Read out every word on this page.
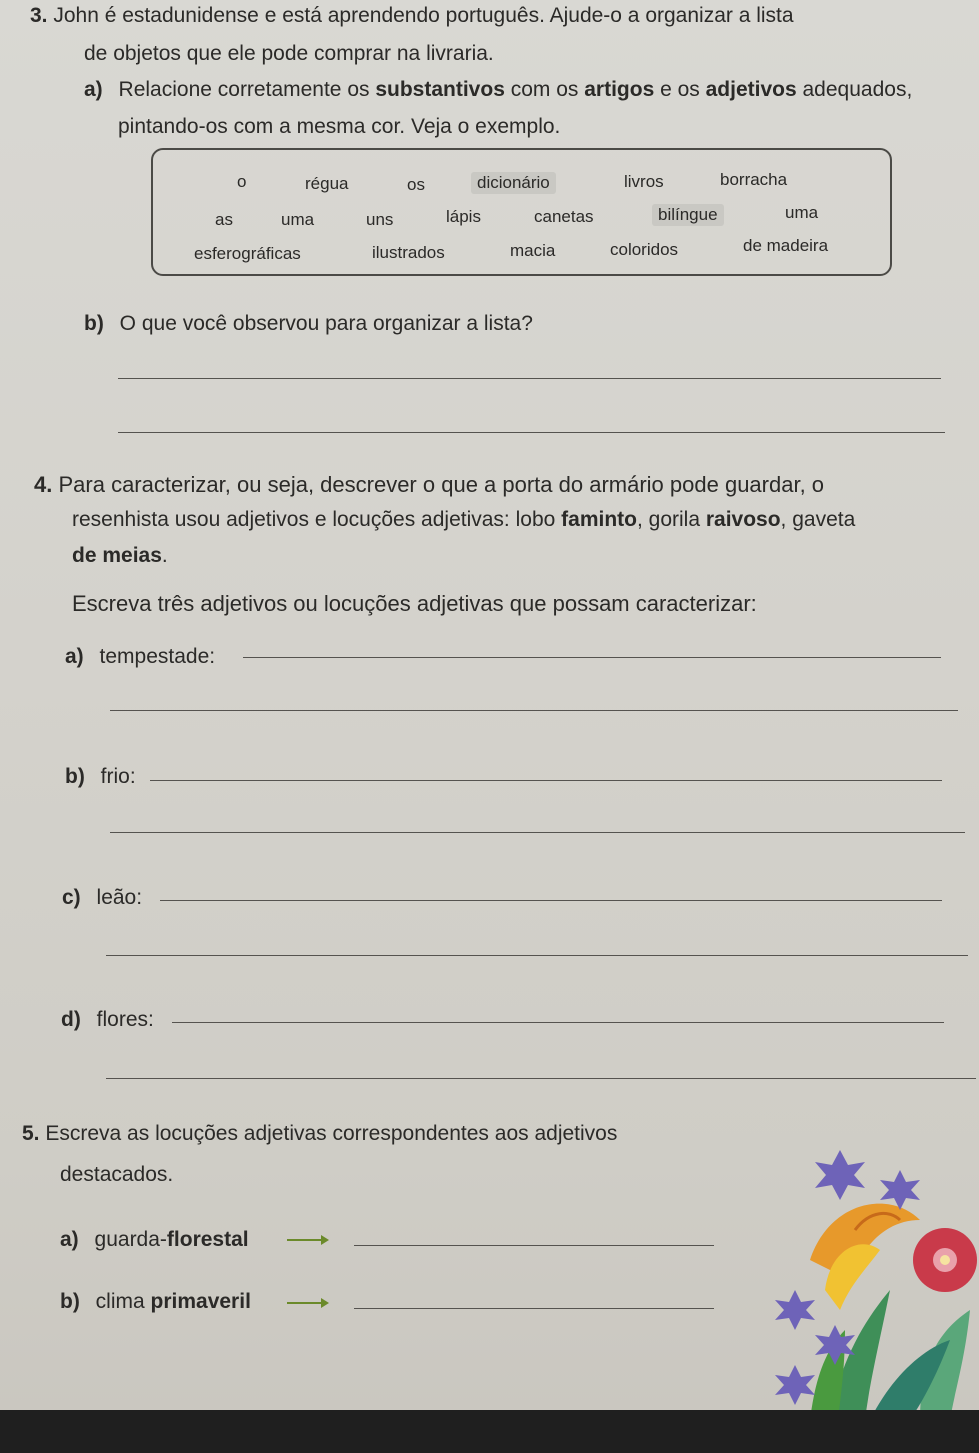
3. John é estadunidense e está aprendendo português. Ajude-o a organizar a lista
de objetos que ele pode comprar na livraria.
a) Relacione corretamente os substantivos com os artigos e os adjetivos adequados,
pintando-os com a mesma cor. Veja o exemplo.
o	régua	os	dicionário	livros	borracha
as	uma	uns	lápis	canetas	bilíngue	uma
esferográficas	ilustrados	macia	coloridos	de madeira
b) O que você observou para organizar a lista?
4. Para caracterizar, ou seja, descrever o que a porta do armário pode guardar, o
resenhista usou adjetivos e locuções adjetivas: lobo faminto, gorila raivoso, gaveta
de meias.
Escreva três adjetivos ou locuções adjetivas que possam caracterizar:
a) tempestade:
b) frio:
c) leão:
d) flores:
5. Escreva as locuções adjetivas correspondentes aos adjetivos
destacados.
a) guarda-florestal
b) clima primaveril
